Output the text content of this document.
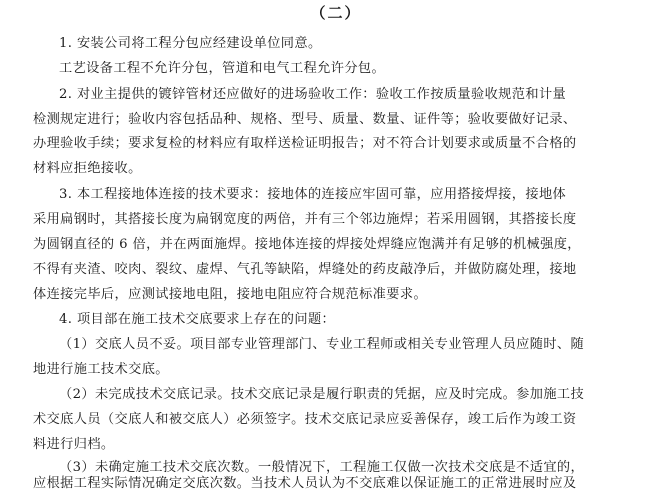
（二）
1. 安装公司将工程分包应经建设单位同意。
工艺设备工程不允许分包，管道和电气工程允许分包。
2. 对业主提供的镀锌管材还应做好的进场验收工作：验收工作按质量验收规范和计量
检测规定进行；验收内容包括品种、规格、型号、质量、数量、证件等；验收要做好记录、
办理验收手续；要求复检的材料应有取样送检证明报告；对不符合计划要求或质量不合格的
材料应拒绝接收。
3. 本工程接地体连接的技术要求：接地体的连接应牢固可靠，应用搭接焊接，接地体
采用扁钢时，其搭接长度为扁钢宽度的两倍，并有三个邻边施焊；若采用圆钢，其搭接长度
为圆钢直径的 6 倍，并在两面施焊。接地体连接的焊接处焊缝应饱满并有足够的机械强度，
不得有夹渣、咬肉、裂纹、虚焊、气孔等缺陷，焊缝处的药皮敲净后，并做防腐处理，接地
体连接完毕后，应测试接地电阻，接地电阻应符合规范标准要求。
4. 项目部在施工技术交底要求上存在的问题：
（1）交底人员不妥。项目部专业管理部门、专业工程师或相关专业管理人员应随时、随
地进行施工技术交底。
（2）未完成技术交底记录。技术交底记录是履行职责的凭据，应及时完成。参加施工技
术交底人员（交底人和被交底人）必须签字。技术交底记录应妥善保存，竣工后作为竣工资
料进行归档。
（3）未确定施工技术交底次数。一般情况下，工程施工仅做一次技术交底是不适宜的，
应根据工程实际情况确定交底次数。当技术人员认为不交底难以保证施工的正常进展时应及
